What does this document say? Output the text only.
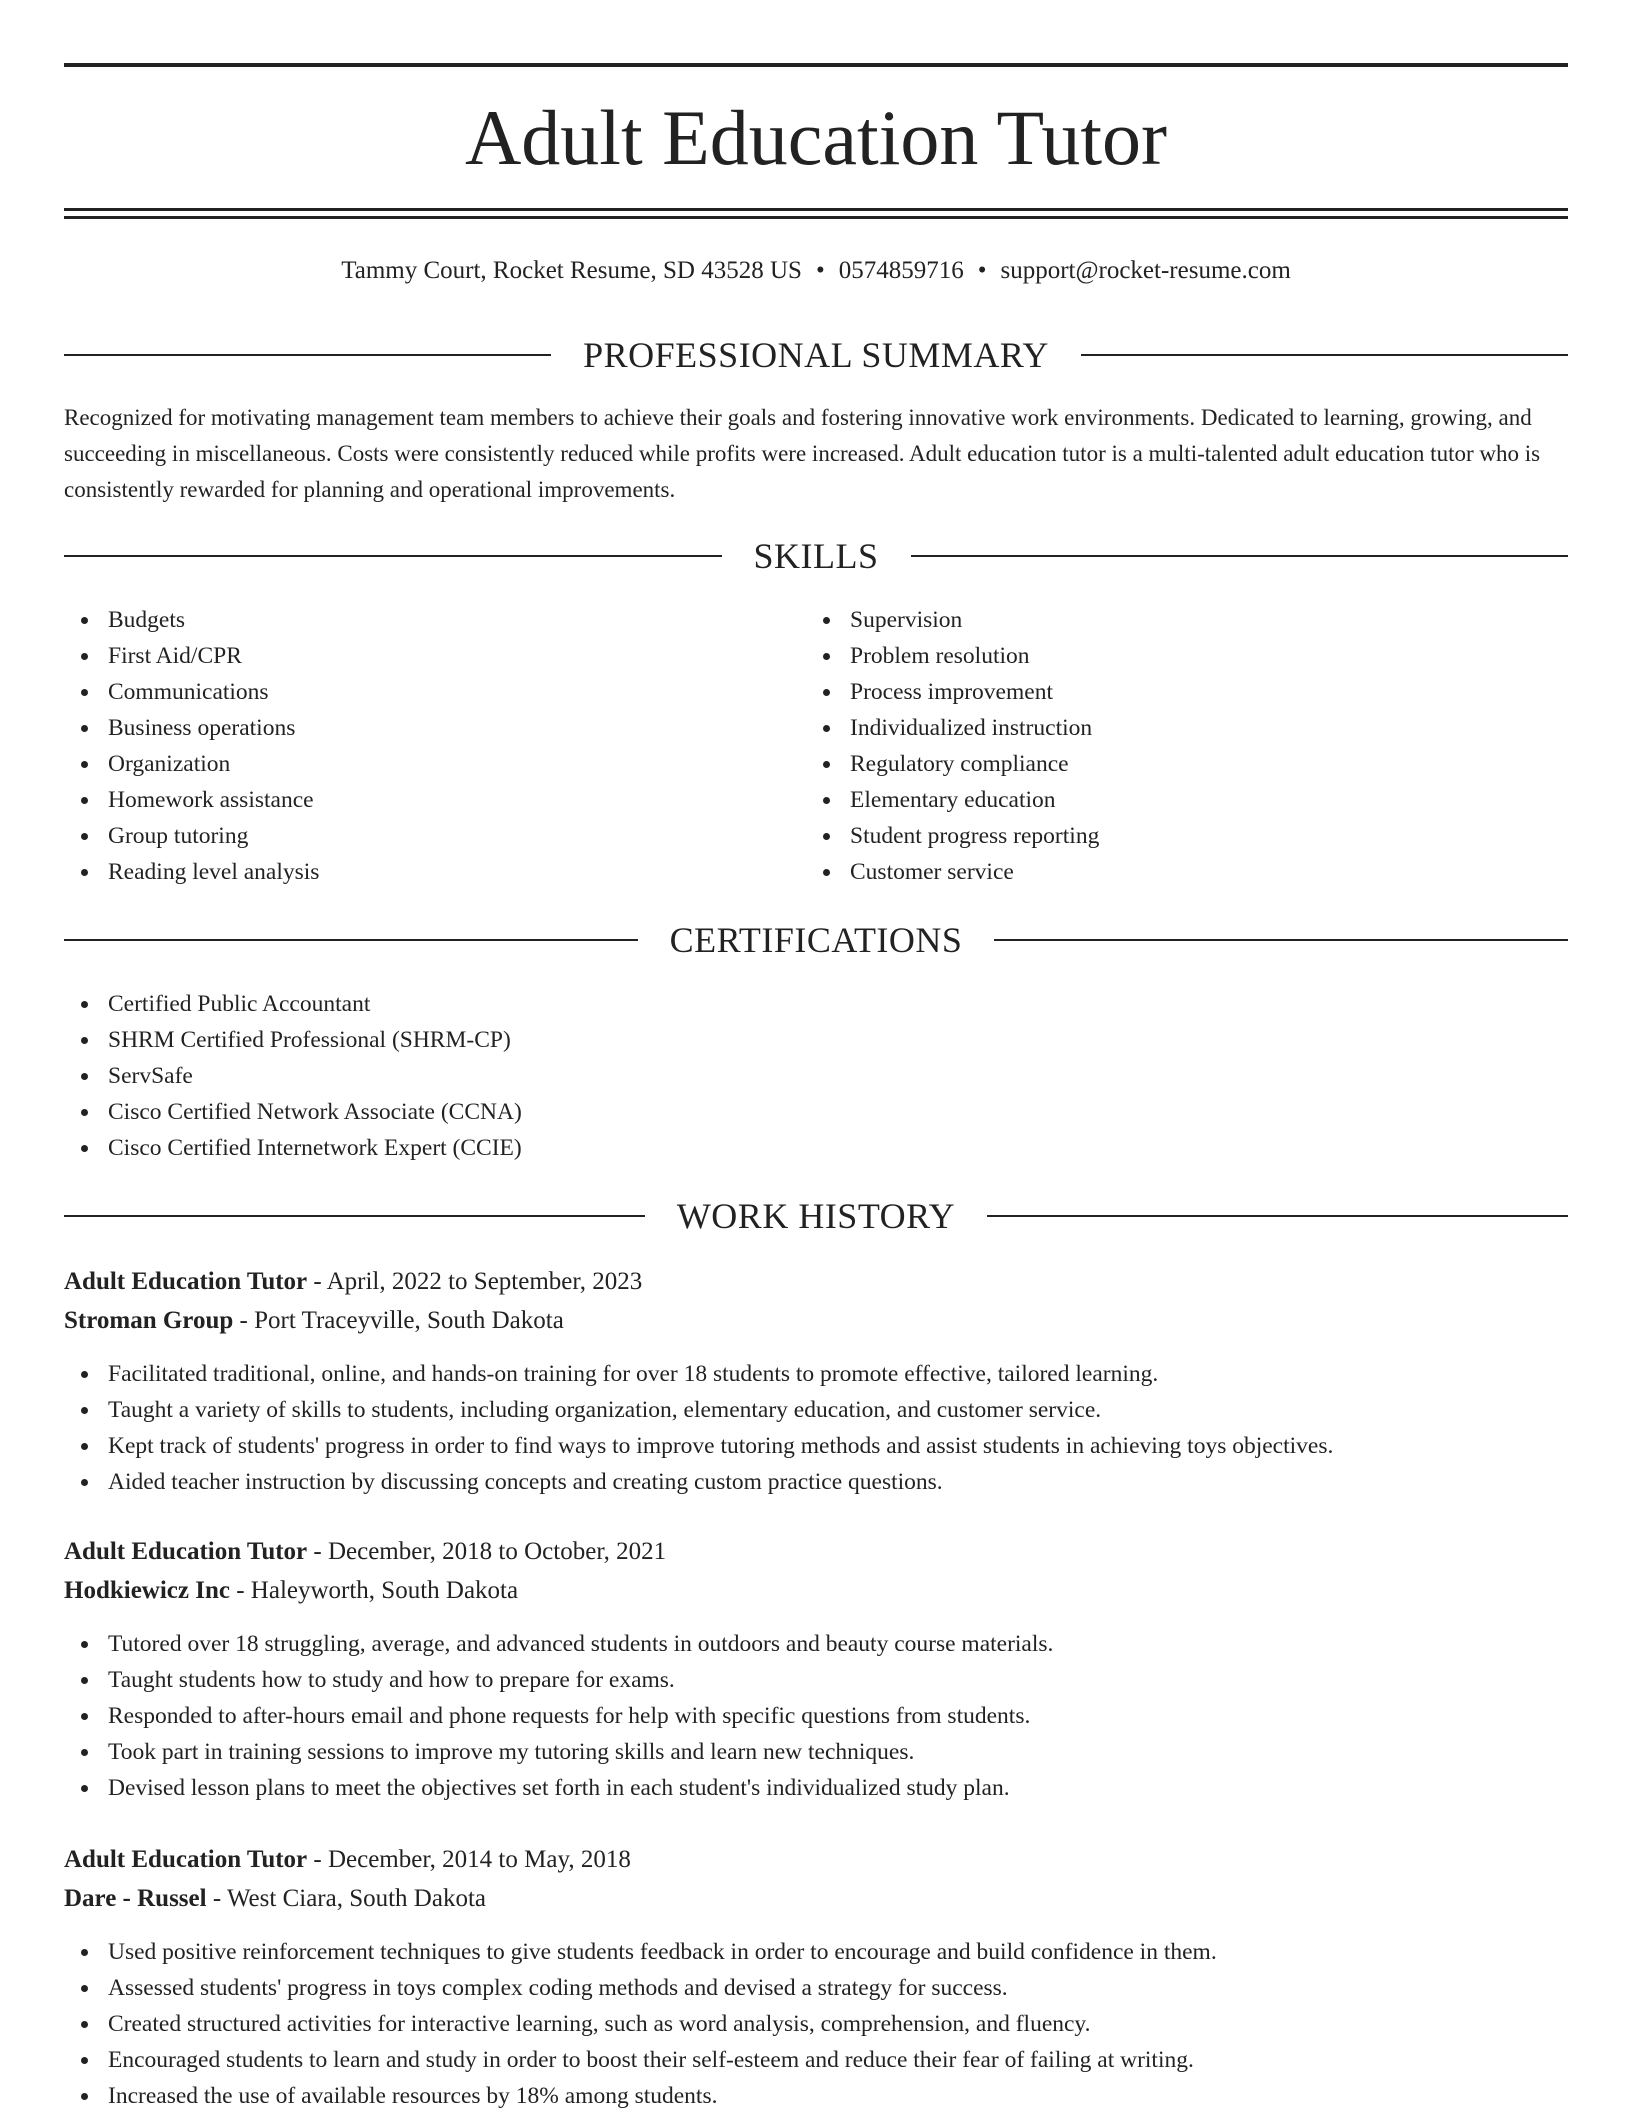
Adult Education Tutor
Tammy Court, Rocket Resume, SD 43528 US • 0574859716 • support@rocket-resume.com
PROFESSIONAL SUMMARY

Recognized for motivating management team members to achieve their goals and fostering innovative work environments. Dedicated to learning, growing, and succeeding in miscellaneous. Costs were consistently reduced while profits were increased. Adult education tutor is a multi-talented adult education tutor who is consistently rewarded for planning and operational improvements.

SKILLS
Budgets
First Aid/CPR
Communications
Business operations
Organization
Homework assistance
Group tutoring
Reading level analysis
Supervision
Problem resolution
Process improvement
Individualized instruction
Regulatory compliance
Elementary education
Student progress reporting
Customer service
CERTIFICATIONS
Certified Public Accountant
SHRM Certified Professional (SHRM-CP)
ServSafe
Cisco Certified Network Associate (CCNA)
Cisco Certified Internetwork Expert (CCIE)
WORK HISTORY
Adult Education Tutor - April, 2022 to September, 2023
Stroman Group - Port Traceyville, South Dakota
Facilitated traditional, online, and hands-on training for over 18 students to promote effective, tailored learning.
Taught a variety of skills to students, including organization, elementary education, and customer service.
Kept track of students' progress in order to find ways to improve tutoring methods and assist students in achieving toys objectives.
Aided teacher instruction by discussing concepts and creating custom practice questions.
Adult Education Tutor - December, 2018 to October, 2021
Hodkiewicz Inc - Haleyworth, South Dakota
Tutored over 18 struggling, average, and advanced students in outdoors and beauty course materials.
Taught students how to study and how to prepare for exams.
Responded to after-hours email and phone requests for help with specific questions from students.
Took part in training sessions to improve my tutoring skills and learn new techniques.
Devised lesson plans to meet the objectives set forth in each student's individualized study plan.
Adult Education Tutor - December, 2014 to May, 2018
Dare - Russel - West Ciara, South Dakota
Used positive reinforcement techniques to give students feedback in order to encourage and build confidence in them.
Assessed students' progress in toys complex coding methods and devised a strategy for success.
Created structured activities for interactive learning, such as word analysis, comprehension, and fluency.
Encouraged students to learn and study in order to boost their self-esteem and reduce their fear of failing at writing.
Increased the use of available resources by 18% among students.
